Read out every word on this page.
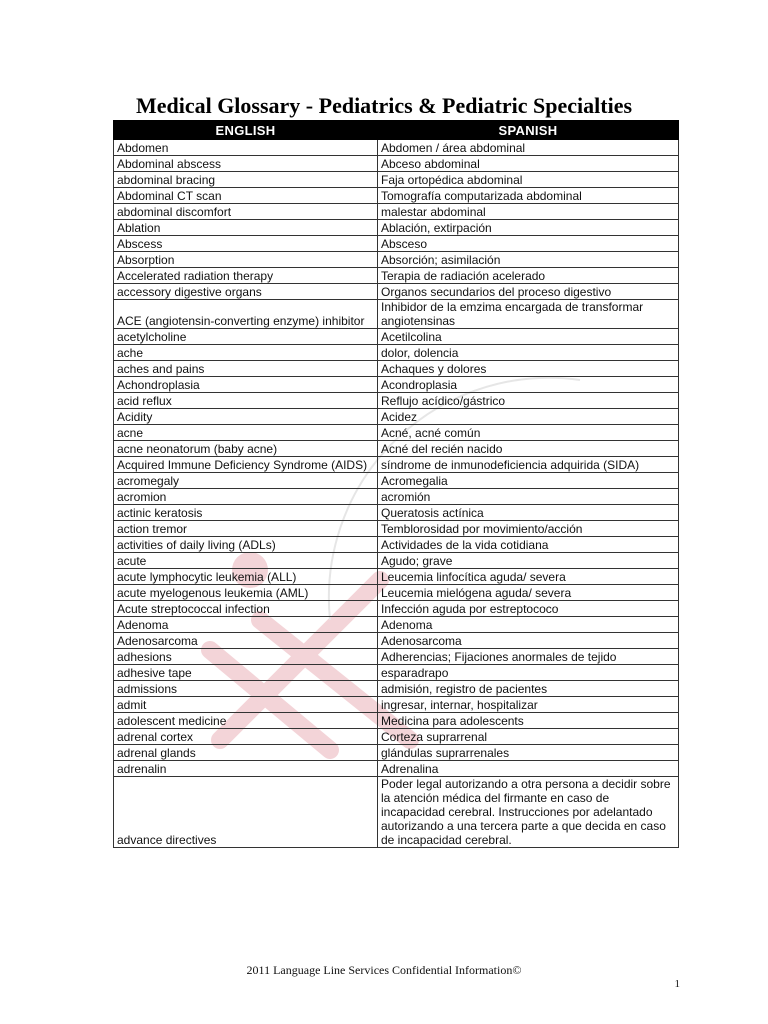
Medical Glossary - Pediatrics & Pediatric Specialties
ENGLISH	SPANISH
Abdomen	Abdomen / área abdominal
Abdominal abscess	Abceso abdominal
abdominal bracing	Faja ortopédica abdominal
Abdominal CT scan	Tomografía computarizada abdominal
abdominal discomfort	malestar abdominal
Ablation	Ablación, extirpación
Abscess	Absceso
Absorption	Absorción; asimilación
Accelerated radiation therapy	Terapia de radiación acelerado
accessory digestive organs	Organos secundarios del proceso digestivo
ACE (angiotensin-converting enzyme) inhibitor	Inhibidor de la emzima encargada de transformar angiotensinas
acetylcholine	Acetilcolina
ache	dolor, dolencia
aches and pains	Achaques y dolores
Achondroplasia	Acondroplasia
acid reflux	Reflujo acídico/gástrico
Acidity	Acidez
acne	Acné, acné común
acne neonatorum (baby acne)	Acné del recién nacido
Acquired Immune Deficiency Syndrome (AIDS)	síndrome de inmunodeficiencia adquirida (SIDA)
acromegaly	Acromegalia
acromion	acromión
actinic keratosis	Queratosis actínica
action tremor	Temblorosidad por movimiento/acción
activities of daily living (ADLs)	Actividades de la vida cotidiana
acute	Agudo; grave
acute lymphocytic leukemia (ALL)	Leucemia linfocítica aguda/ severa
acute myelogenous leukemia (AML)	Leucemia mielógena aguda/ severa
Acute streptococcal infection	Infección aguda por estreptococo
Adenoma	Adenoma
Adenosarcoma	Adenosarcoma
adhesions	Adherencias; Fijaciones anormales de tejido
adhesive tape	esparadrapo
admissions	admisión, registro de pacientes
admit	ingresar, internar, hospitalizar
adolescent medicine	Medicina para adolescents
adrenal cortex	Corteza suprarrenal
adrenal glands	glándulas suprarrenales
adrenalin	Adrenalina
advance directives	Poder legal autorizando a otra persona a decidir sobre la atención médica del firmante en caso de incapacidad cerebral. Instrucciones por adelantado autorizando a una tercera parte a que decida en caso de incapacidad cerebral.
2011 Language Line Services Confidential Information©
1
